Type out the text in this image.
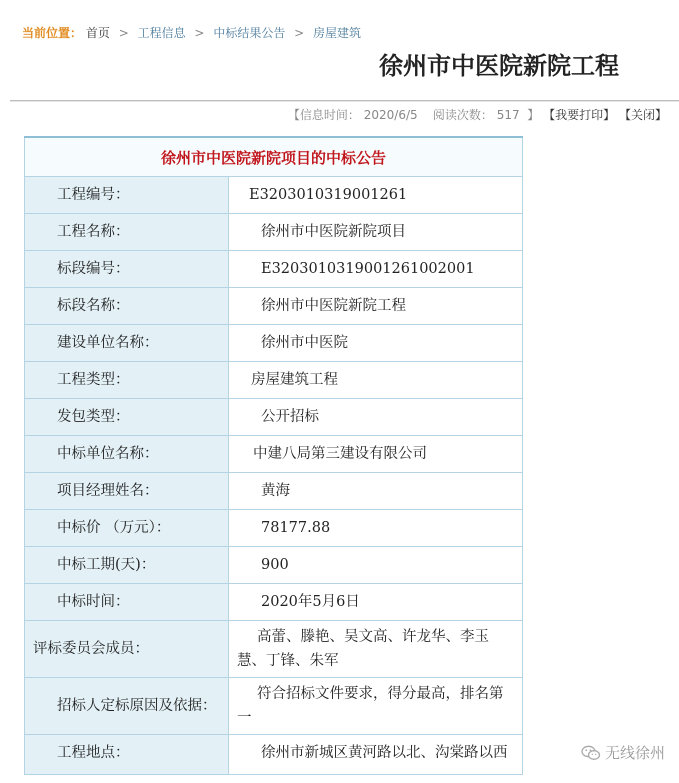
当前位置： 首页 > 工程信息 > 中标结果公告 > 房屋建筑
徐州市中医院新院工程
【信息时间： 2020/6/5 阅读次数： 517 】 【我要打印】 【关闭】
徐州市中医院新院项目的中标公告	
工程编号：	E3203010319001261
工程名称：	徐州市中医院新院项目
标段编号：	E3203010319001261002001
标段名称：	徐州市中医院新院工程
建设单位名称：	徐州市中医院
工程类型：	房屋建筑工程
发包类型：	公开招标
中标单位名称：	中建八局第三建设有限公司
项目经理姓名：	黄海
中标价 （万元）：	78177.88
中标工期(天)：	900
中标时间：	2020年5月6日

评标委员会成员：	高蕾、滕艳、吴文高、许龙华、李玉慧、丁锋、朱军

招标人定标原因及依据：	符合招标文件要求，得分最高，排名第一

工程地点：	徐州市新城区黄河路以北、沟棠路以西	无线徐州
